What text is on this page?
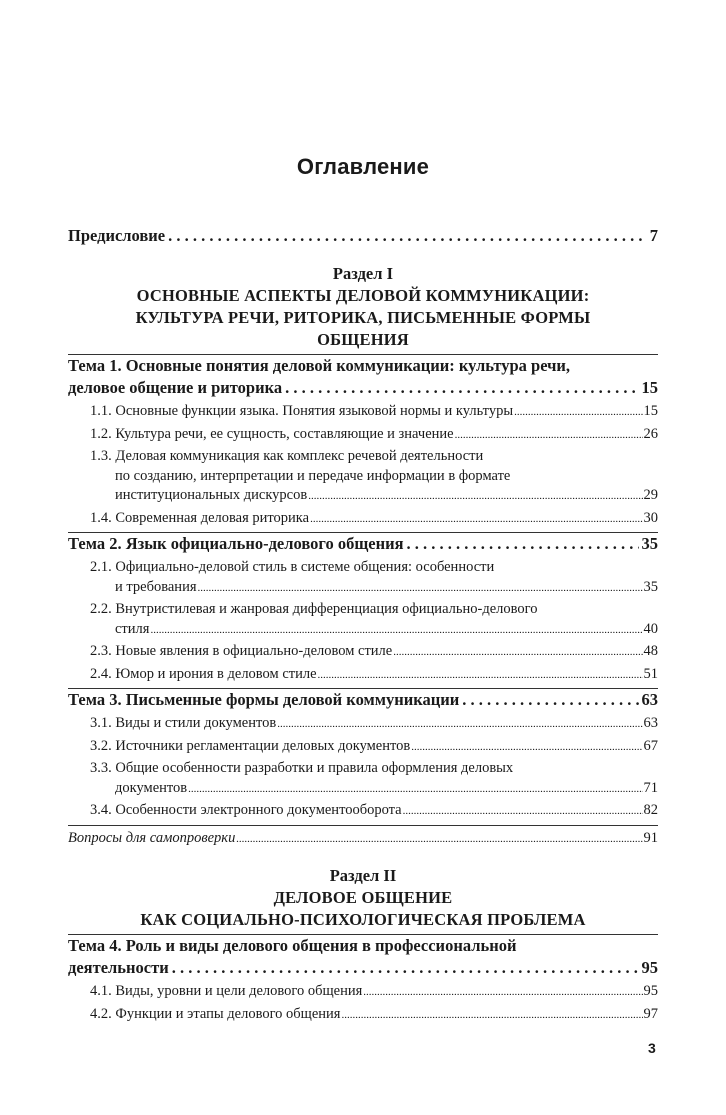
Оглавление
Предисловие . . .	7
Раздел I
ОСНОВНЫЕ АСПЕКТЫ ДЕЛОВОЙ КОММУНИКАЦИИ:
КУЛЬТУРА РЕЧИ, РИТОРИКА, ПИСЬМЕННЫЕ ФОРМЫ
ОБЩЕНИЯ
Тема 1. Основные понятия деловой коммуникации: культура речи,
деловое общение и риторика . . .	15
1.1. Основные функции языка. Понятия языковой нормы и культуры .....	15
1.2. Культура речи, ее сущность, составляющие и значение .....	26
1.3. Деловая коммуникация как комплекс речевой деятельности
по созданию, интерпретации и передаче информации в формате
институциональных дискурсов .....	29
1.4. Современная деловая риторика .....	30
Тема 2. Язык официально-делового общения . . .	35
2.1. Официально-деловой стиль в системе общения: особенности
и требования .....	35
2.2. Внутристилевая и жанровая дифференциация официально-делового
стиля .....	40
2.3. Новые явления в официально-деловом стиле .....	48
2.4. Юмор и ирония в деловом стиле .....	51
Тема 3. Письменные формы деловой коммуникации . . .	63
3.1. Виды и стили документов .....	63
3.2. Источники регламентации деловых документов .....	67
3.3. Общие особенности разработки и правила оформления деловых
документов .....	71
3.4. Особенности электронного документооборота .....	82
Вопросы для самопроверки .....	91
Раздел II
ДЕЛОВОЕ ОБЩЕНИЕ
КАК СОЦИАЛЬНО-ПСИХОЛОГИЧЕСКАЯ ПРОБЛЕМА
Тема 4. Роль и виды делового общения в профессиональной
деятельности . . .	95
4.1. Виды, уровни и цели делового общения .....	95
4.2. Функции и этапы делового общения .....	97
3
